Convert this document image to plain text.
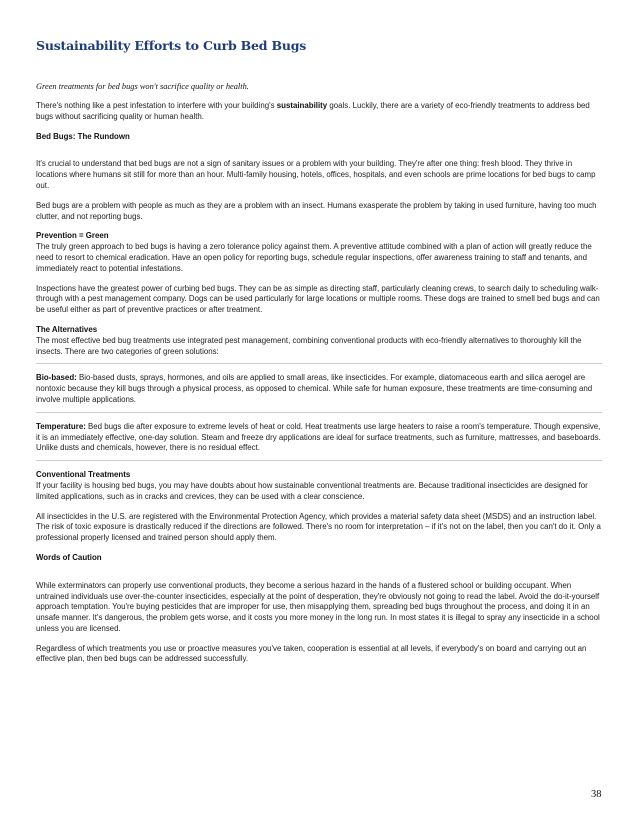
Sustainability Efforts to Curb Bed Bugs
Green treatments for bed bugs won't sacrifice quality or health.

There's nothing like a pest infestation to interfere with your building's sustainability goals. Luckily, there are a variety of eco-friendly treatments to address bed bugs without sacrificing quality or human health.

Bed Bugs: The Rundown

It's crucial to understand that bed bugs are not a sign of sanitary issues or a problem with your building. They're after one thing: fresh blood. They thrive in locations where humans sit still for more than an hour. Multi-family housing, hotels, offices, hospitals, and even schools are prime locations for bed bugs to camp out.

Bed bugs are a problem with people as much as they are a problem with an insect. Humans exasperate the problem by taking in used furniture, having too much clutter, and not reporting bugs.

Prevention = Green

The truly green approach to bed bugs is having a zero tolerance policy against them. A preventive attitude combined with a plan of action will greatly reduce the need to resort to chemical eradication. Have an open policy for reporting bugs, schedule regular inspections, offer awareness training to staff and tenants, and immediately react to potential infestations.

Inspections have the greatest power of curbing bed bugs. They can be as simple as directing staff, particularly cleaning crews, to search daily to scheduling walk-through with a pest management company. Dogs can be used particularly for large locations or multiple rooms. These dogs are trained to smell bed bugs and can be useful either as part of preventive practices or after treatment.

The Alternatives

The most effective bed bug treatments use integrated pest management, combining conventional products with eco-friendly alternatives to thoroughly kill the insects. There are two categories of green solutions:

Bio-based: Bio-based dusts, sprays, hormones, and oils are applied to small areas, like insecticides. For example, diatomaceous earth and silica aerogel are nontoxic because they kill bugs through a physical process, as opposed to chemical. While safe for human exposure, these treatments are time-consuming and involve multiple applications.

Temperature: Bed bugs die after exposure to extreme levels of heat or cold. Heat treatments use large heaters to raise a room's temperature. Though expensive, it is an immediately effective, one-day solution. Steam and freeze dry applications are ideal for surface treatments, such as furniture, mattresses, and baseboards. Unlike dusts and chemicals, however, there is no residual effect.

Conventional Treatments

If your facility is housing bed bugs, you may have doubts about how sustainable conventional treatments are. Because traditional insecticides are designed for limited applications, such as in cracks and crevices, they can be used with a clear conscience.

All insecticides in the U.S. are registered with the Environmental Protection Agency, which provides a material safety data sheet (MSDS) and an instruction label. The risk of toxic exposure is drastically reduced if the directions are followed. There's no room for interpretation – if it's not on the label, then you can't do it. Only a professional properly licensed and trained person should apply them.

Words of Caution

While exterminators can properly use conventional products, they become a serious hazard in the hands of a flustered school or building occupant. When untrained individuals use over-the-counter insecticides, especially at the point of desperation, they're obviously not going to read the label. Avoid the do-it-yourself approach temptation. You're buying pesticides that are improper for use, then misapplying them, spreading bed bugs throughout the process, and doing it in an unsafe manner. It's dangerous, the problem gets worse, and it costs you more money in the long run. In most states it is illegal to spray any insecticide in a school unless you are licensed.

Regardless of which treatments you use or proactive measures you've taken, cooperation is essential at all levels, if everybody's on board and carrying out an effective plan, then bed bugs can be addressed successfully.

38
